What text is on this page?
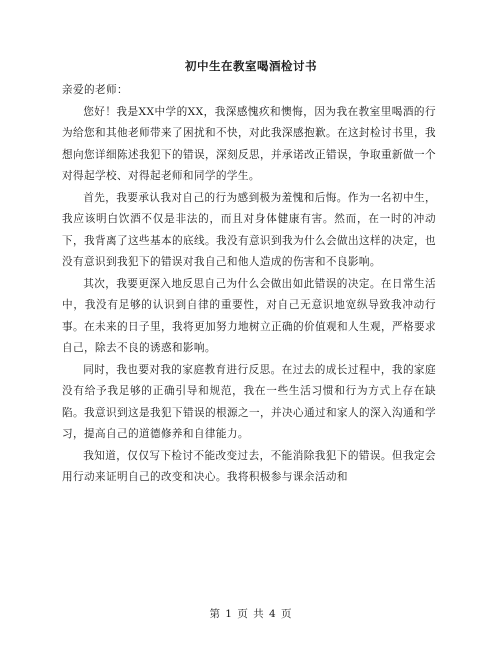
初中生在教室喝酒检讨书

亲爱的老师：

您好！我是XX中学的XX，我深感愧疚和懊悔，因为我在教室里喝酒的行为给您和其他老师带来了困扰和不快，对此我深感抱歉。在这封检讨书里，我想向您详细陈述我犯下的错误，深刻反思，并承诺改正错误，争取重新做一个对得起学校、对得起老师和同学的学生。

首先，我要承认我对自己的行为感到极为羞愧和后悔。作为一名初中生，我应该明白饮酒不仅是非法的，而且对身体健康有害。然而，在一时的冲动下，我背离了这些基本的底线。我没有意识到我为什么会做出这样的决定，也没有意识到我犯下的错误对我自己和他人造成的伤害和不良影响。

其次，我要更深入地反思自己为什么会做出如此错误的决定。在日常生活中，我没有足够的认识到自律的重要性，对自己无意识地宽纵导致我冲动行事。在未来的日子里，我将更加努力地树立正确的价值观和人生观，严格要求自己，除去不良的诱惑和影响。

同时，我也要对我的家庭教育进行反思。在过去的成长过程中，我的家庭没有给予我足够的正确引导和规范，我在一些生活习惯和行为方式上存在缺陷。我意识到这是我犯下错误的根源之一，并决心通过和家人的深入沟通和学习，提高自己的道德修养和自律能力。

我知道，仅仅写下检讨不能改变过去，不能消除我犯下的错误。但我定会用行动来证明自己的改变和决心。我将积极参与课余活动和

第 1 页 共 4 页
